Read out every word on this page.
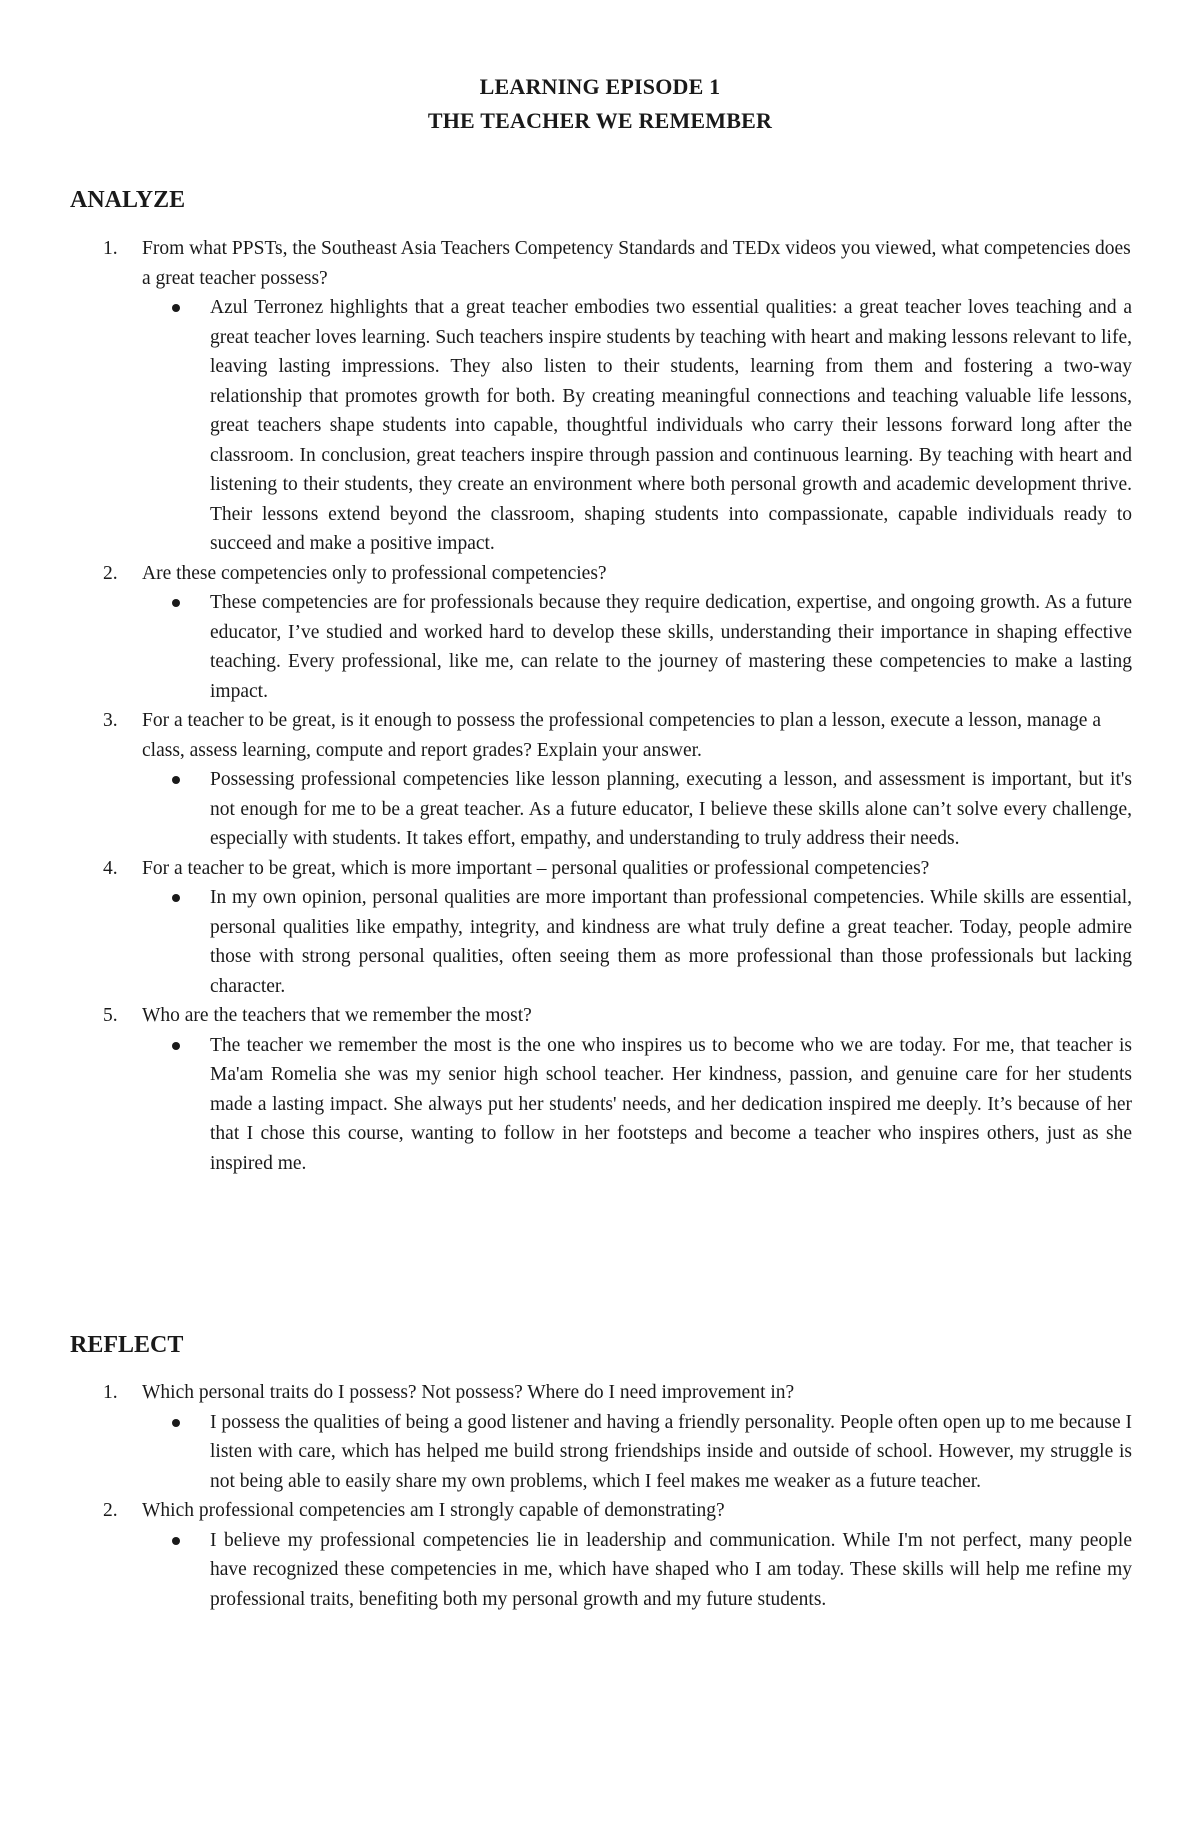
LEARNING EPISODE 1
THE TEACHER WE REMEMBER
ANALYZE
1. From what PPSTs, the Southeast Asia Teachers Competency Standards and TEDx videos you viewed, what competencies does a great teacher possess?
Azul Terronez highlights that a great teacher embodies two essential qualities: a great teacher loves teaching and a great teacher loves learning. Such teachers inspire students by teaching with heart and making lessons relevant to life, leaving lasting impressions. They also listen to their students, learning from them and fostering a two-way relationship that promotes growth for both. By creating meaningful connections and teaching valuable life lessons, great teachers shape students into capable, thoughtful individuals who carry their lessons forward long after the classroom. In conclusion, great teachers inspire through passion and continuous learning. By teaching with heart and listening to their students, they create an environment where both personal growth and academic development thrive. Their lessons extend beyond the classroom, shaping students into compassionate, capable individuals ready to succeed and make a positive impact.
2. Are these competencies only to professional competencies?
These competencies are for professionals because they require dedication, expertise, and ongoing growth. As a future educator, I’ve studied and worked hard to develop these skills, understanding their importance in shaping effective teaching. Every professional, like me, can relate to the journey of mastering these competencies to make a lasting impact.
3. For a teacher to be great, is it enough to possess the professional competencies to plan a lesson, execute a lesson, manage a class, assess learning, compute and report grades? Explain your answer.
Possessing professional competencies like lesson planning, executing a lesson, and assessment is important, but it's not enough for me to be a great teacher. As a future educator, I believe these skills alone can’t solve every challenge, especially with students. It takes effort, empathy, and understanding to truly address their needs.
4. For a teacher to be great, which is more important – personal qualities or professional competencies?
In my own opinion, personal qualities are more important than professional competencies. While skills are essential, personal qualities like empathy, integrity, and kindness are what truly define a great teacher. Today, people admire those with strong personal qualities, often seeing them as more professional than those professionals but lacking character.
5. Who are the teachers that we remember the most?
The teacher we remember the most is the one who inspires us to become who we are today. For me, that teacher is Ma'am Romelia she was my senior high school teacher. Her kindness, passion, and genuine care for her students made a lasting impact. She always put her students' needs, and her dedication inspired me deeply. It’s because of her that I chose this course, wanting to follow in her footsteps and become a teacher who inspires others, just as she inspired me.
REFLECT
1. Which personal traits do I possess? Not possess? Where do I need improvement in?
I possess the qualities of being a good listener and having a friendly personality. People often open up to me because I listen with care, which has helped me build strong friendships inside and outside of school. However, my struggle is not being able to easily share my own problems, which I feel makes me weaker as a future teacher.
2. Which professional competencies am I strongly capable of demonstrating?
I believe my professional competencies lie in leadership and communication. While I'm not perfect, many people have recognized these competencies in me, which have shaped who I am today. These skills will help me refine my professional traits, benefiting both my personal growth and my future students.
